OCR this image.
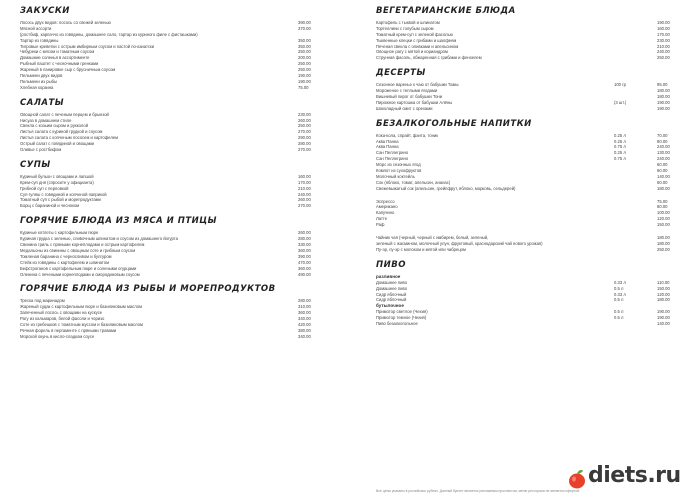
ЗАКУСКИ
Лосось двух видов: лосось со свежей зеленью	390.00
Мясной ассорти	370.00
(ростбиф, карпаччо из говядины, домашнее сало, тартар из куриного филе с фисташками)
Тартар из говядины	350.00
Тигровые креветки с острым имбирным соусом и пастой по-азиатски	350.00
Чебуреки с мясом и томатным соусом	250.00
Домашние соленья в ассортименте	200.00
Рыбный паштет с чесночными гренками	250.00
Жареный в панировке сыр с брусничным соусом	250.00
Пельмени двух видов	190.00
Пельмени из рыбы	190.00
Хлебная корзина	75.00
САЛАТЫ
Овощной салат с печеным перцем и брынзой	230.00
Нисуаз в домашнем стиле	260.00
Свекла с козьим сыром и рукколой	250.00
Листья салата с куриной грудкой и соусом	270.00
Листья салата с копченым лососем и картофелем	290.00
Острый салат с говядиной и овощами	280.00
Оливье с ростбифом	270.00
СУПЫ
Куриный бульон с овощами и лапшой	160.00
Крем-суп дня (спросите у официанта)	170.00
Грибной суп с перловкой	210.00
Суп-гуляш с говядиной и копченой паприкой	240.00
Томатный суп с рыбой и морепродуктами	260.00
Борщ с бараниной и чесноком	270.00
ГОРЯЧИЕ БЛЮДА ИЗ МЯСА И ПТИЦЫ
Куриные котлеты с картофельным пюре	260.00
Куриная грудка с зеленью, сливочным шпинатом и соусом из домашнего йогурта	280.00
Свинина гриль с пряными корнеплодами и острым картофелем	330.00
Медальоны из свинины с овощным соте и грибным соусом	360.00
Томленая баранина с черносливом и булгуром	390.00
Стейк из говядины с картофелем и шпинатом	470.00
Бефстроганов с картофельным пюре и солеными огурцами	360.00
Оленина с печеными корнеплодами и смородиновым соусом	490.00
ГОРЯЧИЕ БЛЮДА ИЗ РЫБЫ И МОРЕПРОДУКТОВ
Треска под маринадом	280.00
Жареный судак с картофельным пюре и базиликовым маслом	310.00
Запеченный лосось с овощами на кускусе	360.00
Рагу из кальмаров, белой фасоли и чоризо	340.00
Соте из гребешков с томатным муссом и базиликовым маслом	420.00
Речная форель в пергаменте с пряными травами	380.00
Морской окунь в кисло-сладком соусе	340.00
ВЕГЕТАРИАНСКИЕ БЛЮДА
Картофель с тыквой и шпинатом	190.00
Тортеллини с голубым сыром	160.00
Томатный крем-суп с зеленой фасолью	170.00
Тыквенные клецки с грибами и шалфеем	230.00
Печеная свекла с оливками и апельсином	210.00
Овощное рагу с мятой и кориандром	240.00
Струнная фасоль, обжаренная с грибами и фенхелем	250.00
ДЕСЕРТЫ
Сезонное варенье к чаю от бабушки Тамы	100 гр	95.00
Мороженое с теплыми ягодами	180.00
Вишневый пирог от бабушки Тони	180.00
Пирожное картошка от бабушки Алёны	(3 шт.)	190.00
Шоколадный смит с орехами	190.00
БЕЗАЛКОГОЛЬНЫЕ НАПИТКИ
Кока-кола, спрайт, фанта, тоник	0.25 л	70.00
Аква Панна	0.25 л	90.00
Аква Панна	0.75 л	240.00
Сан Пеллегрино	0.25 л	130.00
Сан Пеллегрино	0.75 л	240.00
Морс из сезонных ягод	60.00
Компот из сухофруктов	60.00
Молочный коктейль	140.00
Сок (яблоко, томат, апельсин, ананас)	60.00
Свежевыжатый сок (апельсин, грейпфрут, яблоко, морковь, сельдерей)	180.00
Эспрессо	75.00
Американо	80.00
Капучино	100.00
Латте	120.00
Раф	150.00
Чайник чая (черный, черный с имбирем, белый, зеленый,	180.00
зеленый с жасмином, молочный улун, фруктовый, краснодарский чай нового урожая)	180.00
Пу-эр, пу-эр с молоком и мятой или чабрецом	250.00
ПИВО
разливное
Домашнее пиво	0.33 л	110.00
Домашнее пиво	0.5 л	150.00
Сидр яблочный	0.33 л	120.00
Сидр яблочный	0.5 л	180.00
бутылочное
Примотор светлое (Чехия)	0.5 л	190.00
Примотор темное (Чехия)	0.5 л	190.00
Пиво безалкогольное	140.00
Все цены указаны в российских рублях. Данный буклет является рекламным проспектом, меню ресторана не является офертой.
diets.ru
